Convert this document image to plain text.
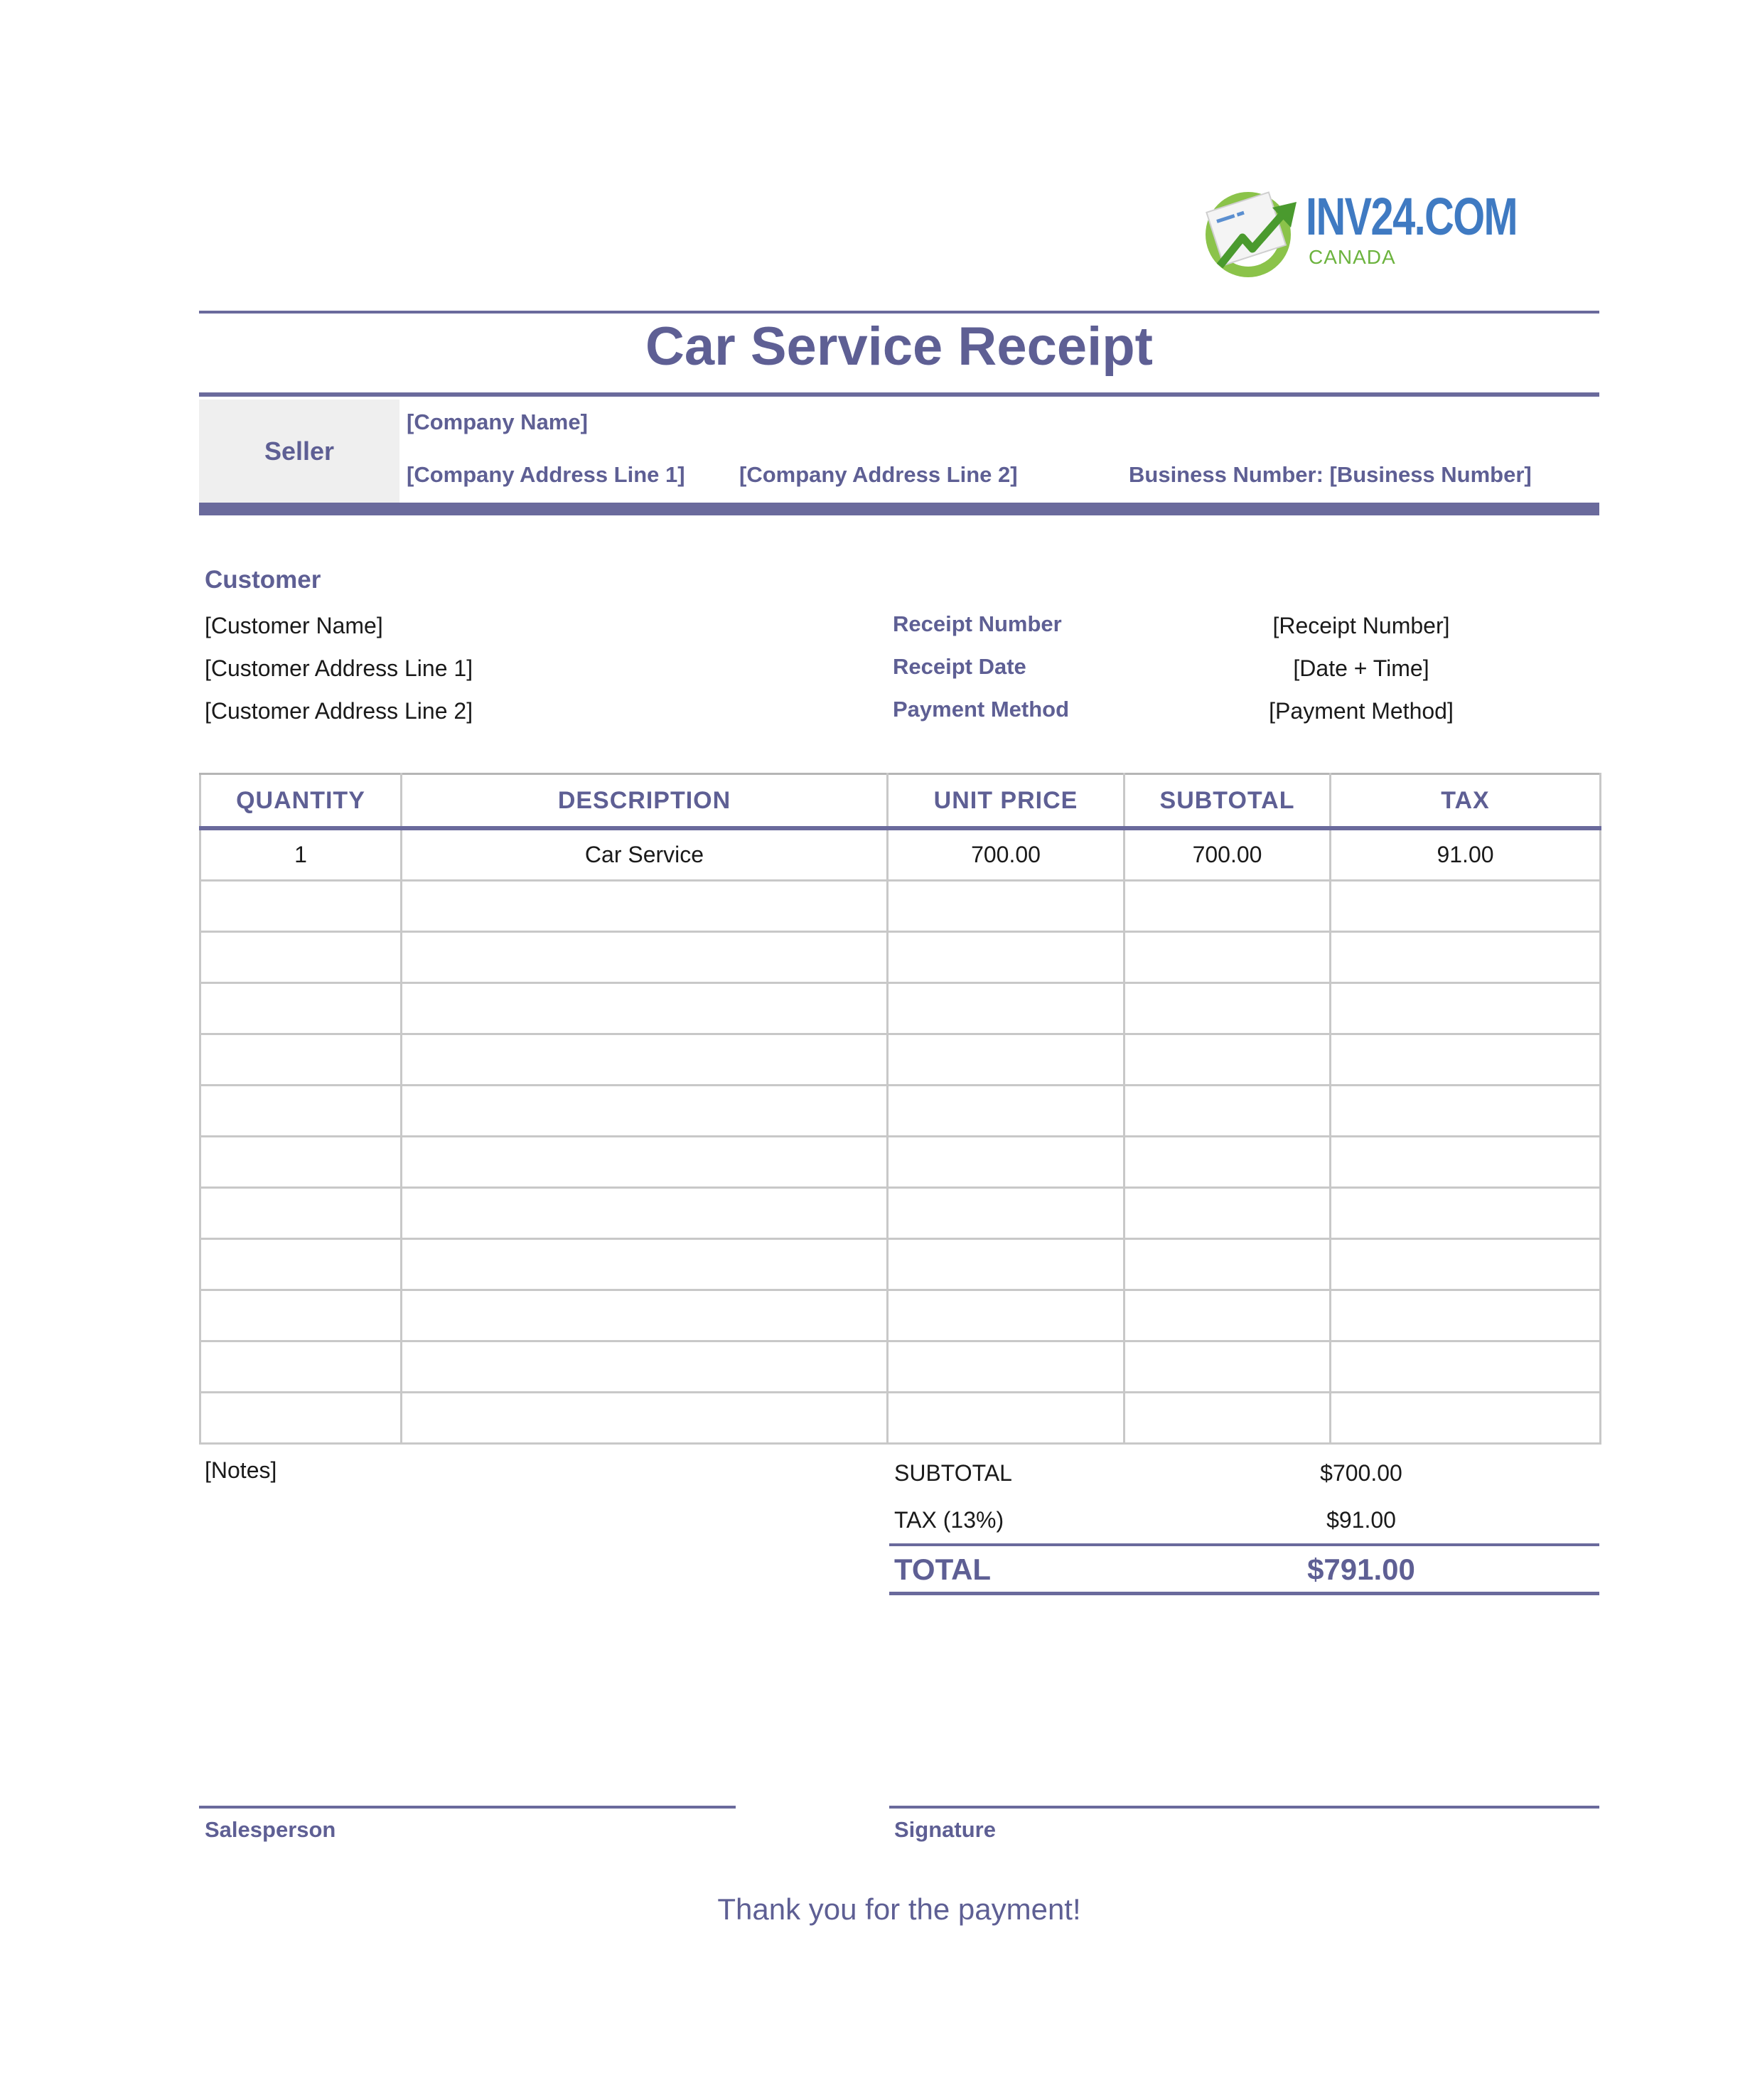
INV24.COM
CANADA
Car Service Receipt
Seller
[Company Name]
[Company Address Line 1] [Company Address Line 2]	Business Number: [Business Number]
Customer
[Customer Name]
[Customer Address Line 1]
[Customer Address Line 2]
Receipt Number	[Receipt Number]
Receipt Date	[Date + Time]
Payment Method	[Payment Method]
QUANTITY	DESCRIPTION	UNIT PRICE	SUBTOTAL	TAX
1	Car Service	700.00	700.00	91.00

[Notes]	SUBTOTAL	$700.00
TAX (13%)	$91.00
TOTAL	$791.00
Salesperson	Signature
Thank you for the payment!
